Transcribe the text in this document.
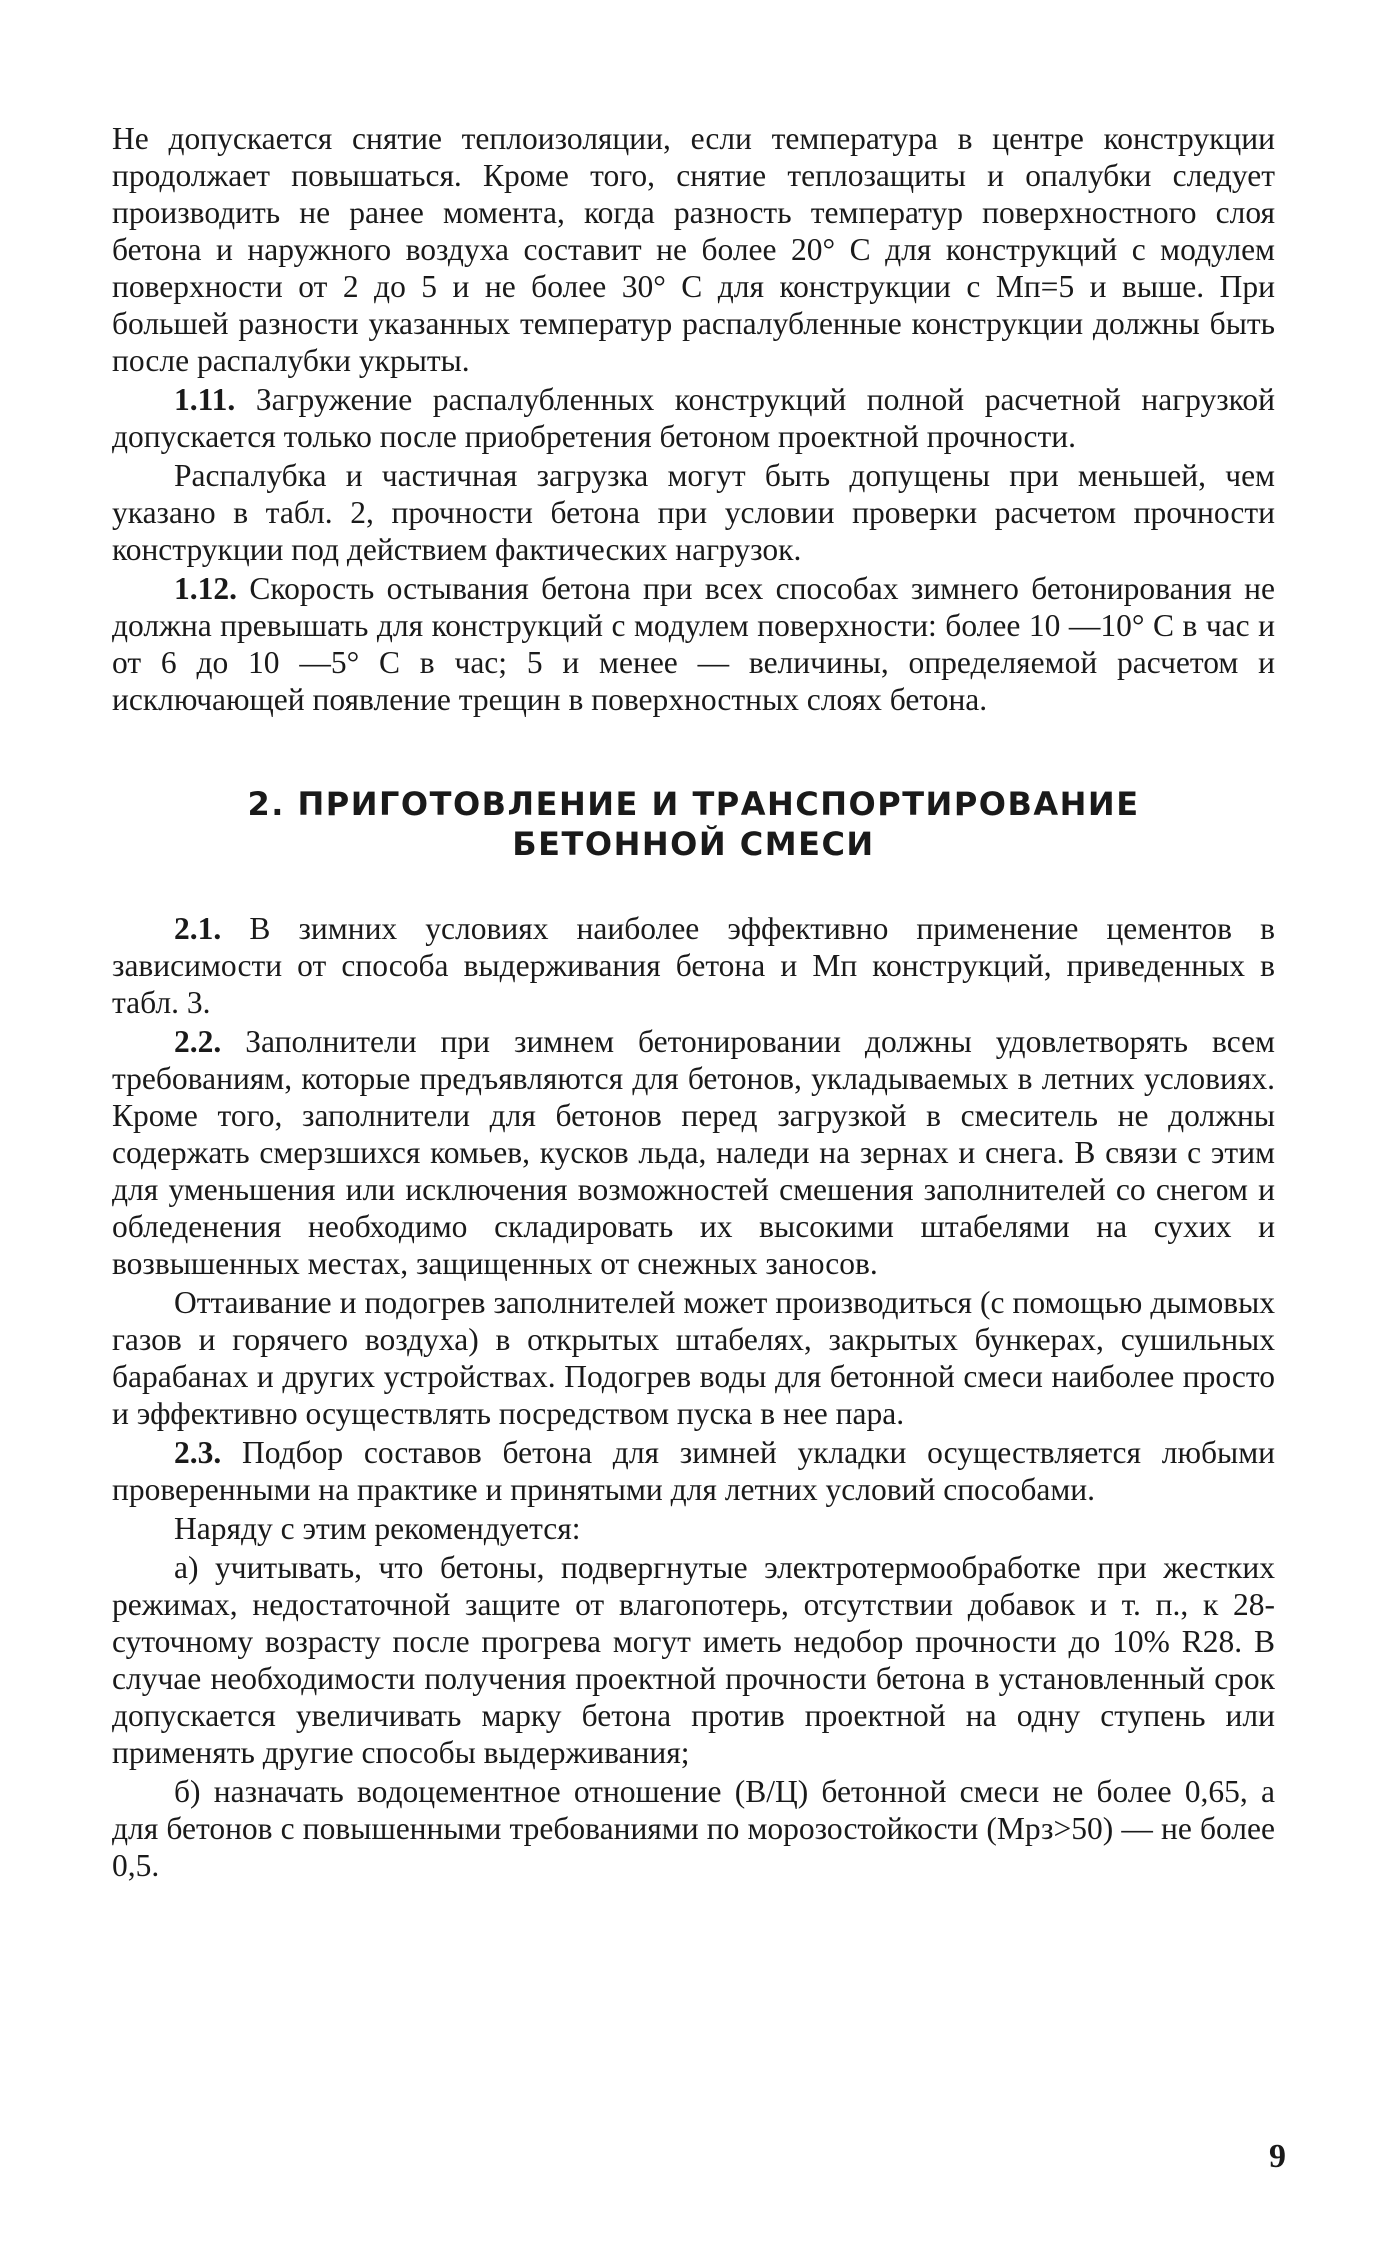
Не допускается снятие теплоизоляции, если температура в центре конструкции продолжает повышаться. Кроме того, снятие теплозащиты и опалубки следует производить не ранее момента, когда разность температур поверхностного слоя бетона и наружного воздуха составит не более 20° С для конструкций с модулем поверхности от 2 до 5 и не более 30° С для конструкции с Мп=5 и выше. При большей разности указанных температур распалубленные конструкции должны быть после распалубки укрыты.

1.11. Загружение распалубленных конструкций полной расчетной нагрузкой допускается только после приобретения бетоном проектной прочности.

Распалубка и частичная загрузка могут быть допущены при меньшей, чем указано в табл. 2, прочности бетона при условии проверки расчетом прочности конструкции под действием фактических нагрузок.

1.12. Скорость остывания бетона при всех способах зимнего бетонирования не должна превышать для конструкций с модулем поверхности: более 10 —10° С в час и от 6 до 10 —5° С в час; 5 и менее — величины, определяемой расчетом и исключающей появление трещин в поверхностных слоях бетона.

2. ПРИГОТОВЛЕНИЕ И ТРАНСПОРТИРОВАНИЕ
БЕТОННОЙ СМЕСИ

2.1. В зимних условиях наиболее эффективно применение цементов в зависимости от способа выдерживания бетона и Мп конструкций, приведенных в табл. 3.

2.2. Заполнители при зимнем бетонировании должны удовлетворять всем требованиям, которые предъявляются для бетонов, укладываемых в летних условиях. Кроме того, заполнители для бетонов перед загрузкой в смеситель не должны содержать смерзшихся комьев, кусков льда, наледи на зернах и снега. В связи с этим для уменьшения или исключения возможностей смешения заполнителей со снегом и обледенения необходимо складировать их высокими штабелями на сухих и возвышенных местах, защищенных от снежных заносов.

Оттаивание и подогрев заполнителей может производиться (с помощью дымовых газов и горячего воздуха) в открытых штабелях, закрытых бункерах, сушильных барабанах и других устройствах. Подогрев воды для бетонной смеси наиболее просто и эффективно осуществлять посредством пуска в нее пара.

2.3. Подбор составов бетона для зимней укладки осуществляется любыми проверенными на практике и принятыми для летних условий способами.

Наряду с этим рекомендуется:

а) учитывать, что бетоны, подвергнутые электротермообработке при жестких режимах, недостаточной защите от влагопотерь, отсутствии добавок и т. п., к 28-суточному возрасту после прогрева могут иметь недобор прочности до 10% R28. В случае необходимости получения проектной прочности бетона в установленный срок допускается увеличивать марку бетона против проектной на одну ступень или применять другие способы выдерживания;

б) назначать водоцементное отношение (В/Ц) бетонной смеси не более 0,65, а для бетонов с повышенными требованиями по морозостойкости (Мрз>50) — не более 0,5.

9
